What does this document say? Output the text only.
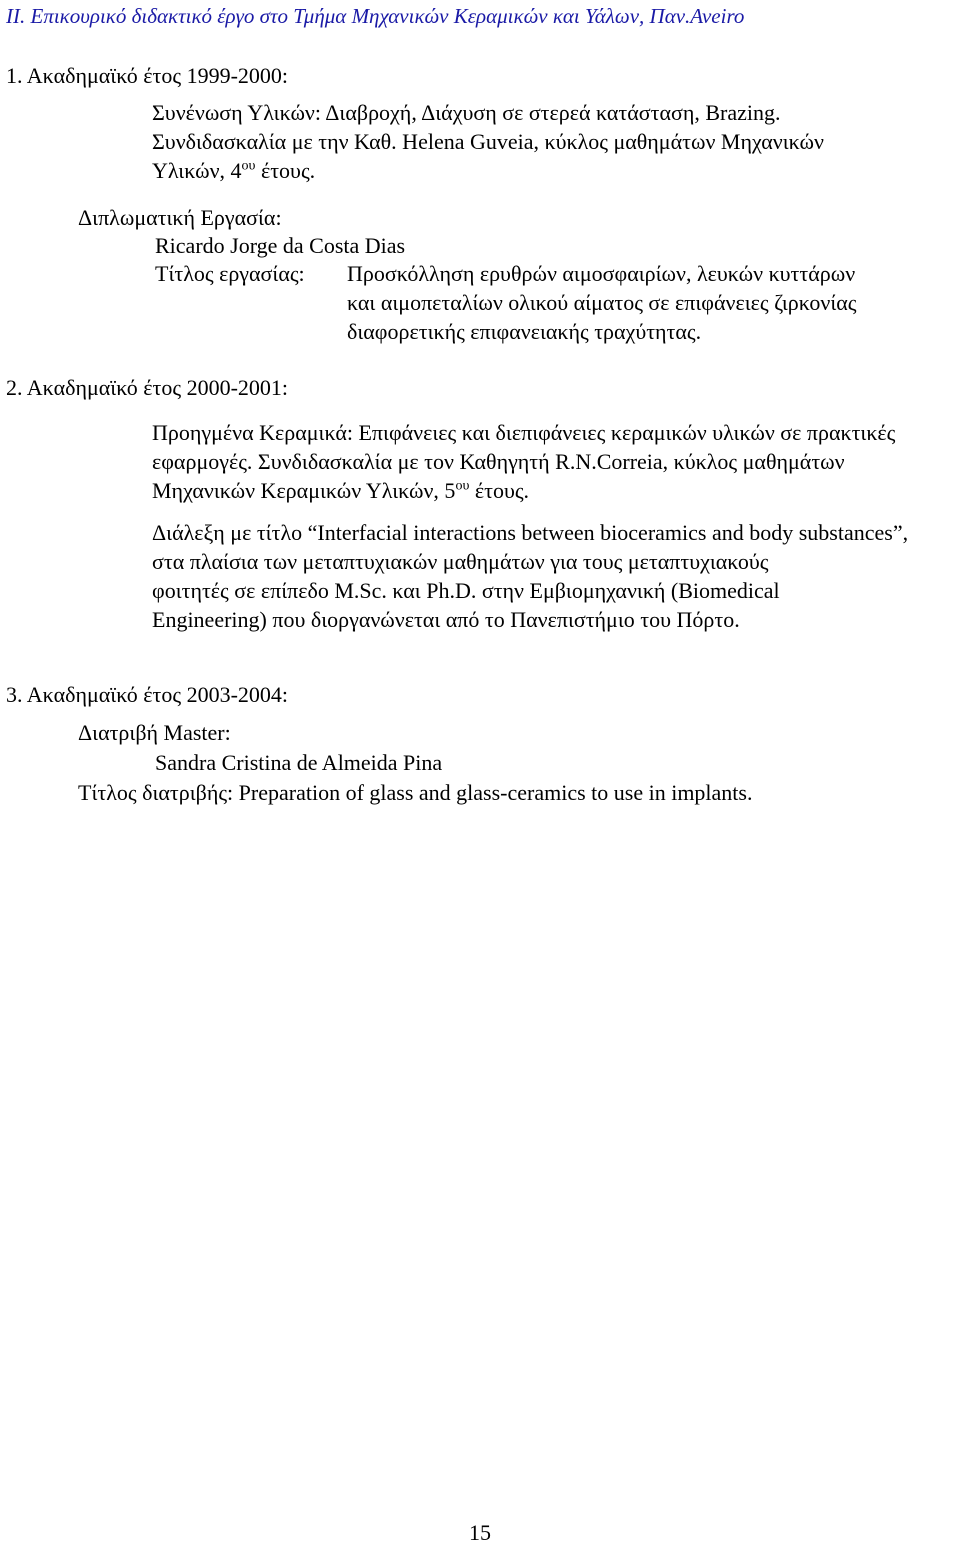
II. Επικουρικό διδακτικό έργο στο Τμήμα Μηχανικών Κεραμικών και Υάλων, Παν.Aveiro
1. Ακαδημαϊκό έτος 1999-2000:
Συνένωση Υλικών: Διαβροχή, Διάχυση σε στερεά κατάσταση, Brazing.
Συνδιδασκαλία με την Καθ. Helena Guveia, κύκλος μαθημάτων Μηχανικών
Υλικών, $4^{o\upsilon}$ έτους.
Διπλωματική Εργασία:
Ricardo Jorge da Costa Dias
Τίτλος εργασίας: Προσκόλληση ερυθρών αιμοσφαιρίων, λευκών κυττάρων
και αιμοπεταλίων ολικού αίματος σε επιφάνειες ζιρκονίας
διαφορετικής επιφανειακής τραχύτητας.
2. Ακαδημαϊκό έτος 2000-2001:
Προηγμένα Κεραμικά: Επιφάνειες και διεπιφάνειες κεραμικών υλικών σε πρακτικές
εφαρμογές. Συνδιδασκαλία με τον Καθηγητή R.N.Correia, κύκλος μαθημάτων
Μηχανικών Κεραμικών Υλικών, $5^{o\upsilon}$ έτους.
Διάλεξη με τίτλο “Interfacial interactions between bioceramics and body substances”,
στα πλαίσια των μεταπτυχιακών μαθημάτων για τους μεταπτυχιακούς
φοιτητές σε επίπεδο M.Sc. και Ph.D. στην Εμβιομηχανική (Biomedical
Engineering) που διοργανώνεται από το Πανεπιστήμιο του Πόρτο.
3. Ακαδημαϊκό έτος 2003-2004:
Διατριβή Master:
Sandra Cristina de Almeida Pina
Τίτλος διατριβής: Preparation of glass and glass-ceramics to use in implants.
15
